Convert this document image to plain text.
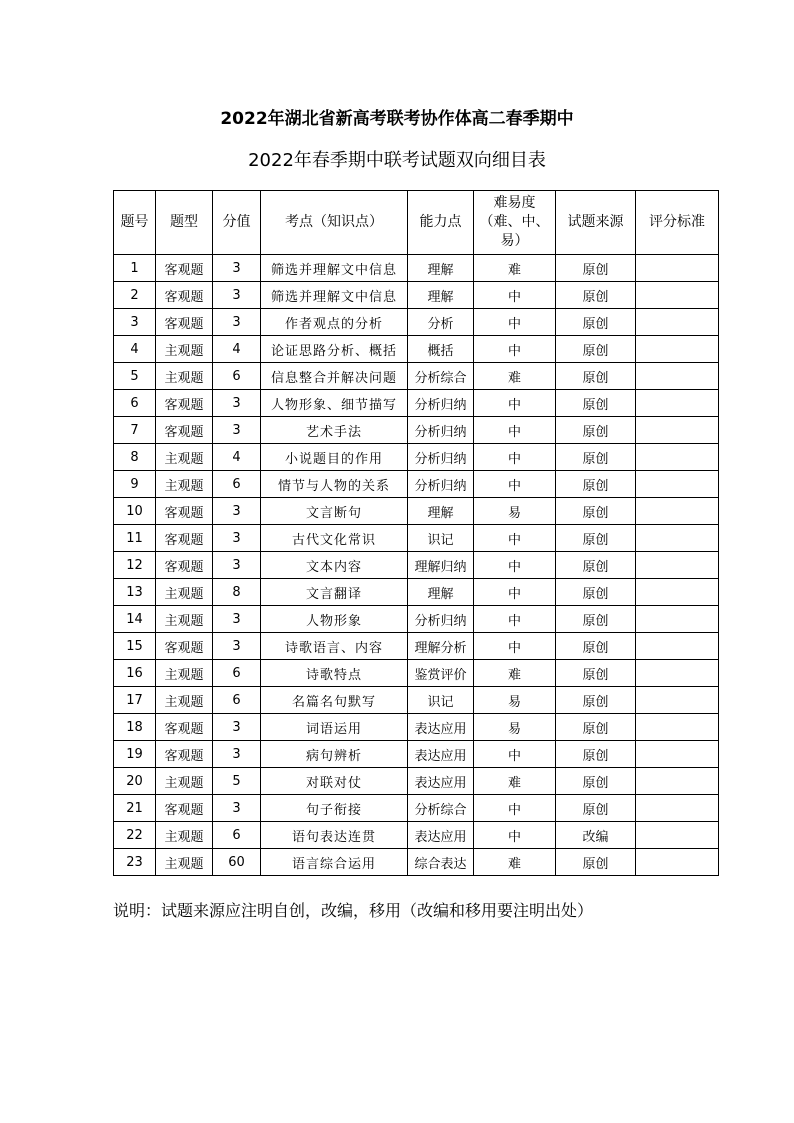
2022年湖北省新高考联考协作体高二春季期中
2022年春季期中联考试题双向细目表
题号	题型	分值	考点（知识点）	能力点	难易度（难、中、易）	试题来源	评分标准
1	客观题	3	筛选并理解文中信息	理解	难	原创	
2	客观题	3	筛选并理解文中信息	理解	中	原创	
3	客观题	3	作者观点的分析	分析	中	原创	
4	主观题	4	论证思路分析、概括	概括	中	原创	
5	主观题	6	信息整合并解决问题	分析综合	难	原创	
6	客观题	3	人物形象、细节描写	分析归纳	中	原创	
7	客观题	3	艺术手法	分析归纳	中	原创	
8	主观题	4	小说题目的作用	分析归纳	中	原创	
9	主观题	6	情节与人物的关系	分析归纳	中	原创	
10	客观题	3	文言断句	理解	易	原创	
11	客观题	3	古代文化常识	识记	中	原创	
12	客观题	3	文本内容	理解归纳	中	原创	
13	主观题	8	文言翻译	理解	中	原创	
14	主观题	3	人物形象	分析归纳	中	原创	
15	客观题	3	诗歌语言、内容	理解分析	中	原创	
16	主观题	6	诗歌特点	鉴赏评价	难	原创	
17	主观题	6	名篇名句默写	识记	易	原创	
18	客观题	3	词语运用	表达应用	易	原创	
19	客观题	3	病句辨析	表达应用	中	原创	
20	主观题	5	对联对仗	表达应用	难	原创	
21	客观题	3	句子衔接	分析综合	中	原创	
22	主观题	6	语句表达连贯	表达应用	中	改编	
23	主观题	60	语言综合运用	综合表达	难	原创	
说明：试题来源应注明自创，改编，移用（改编和移用要注明出处）
